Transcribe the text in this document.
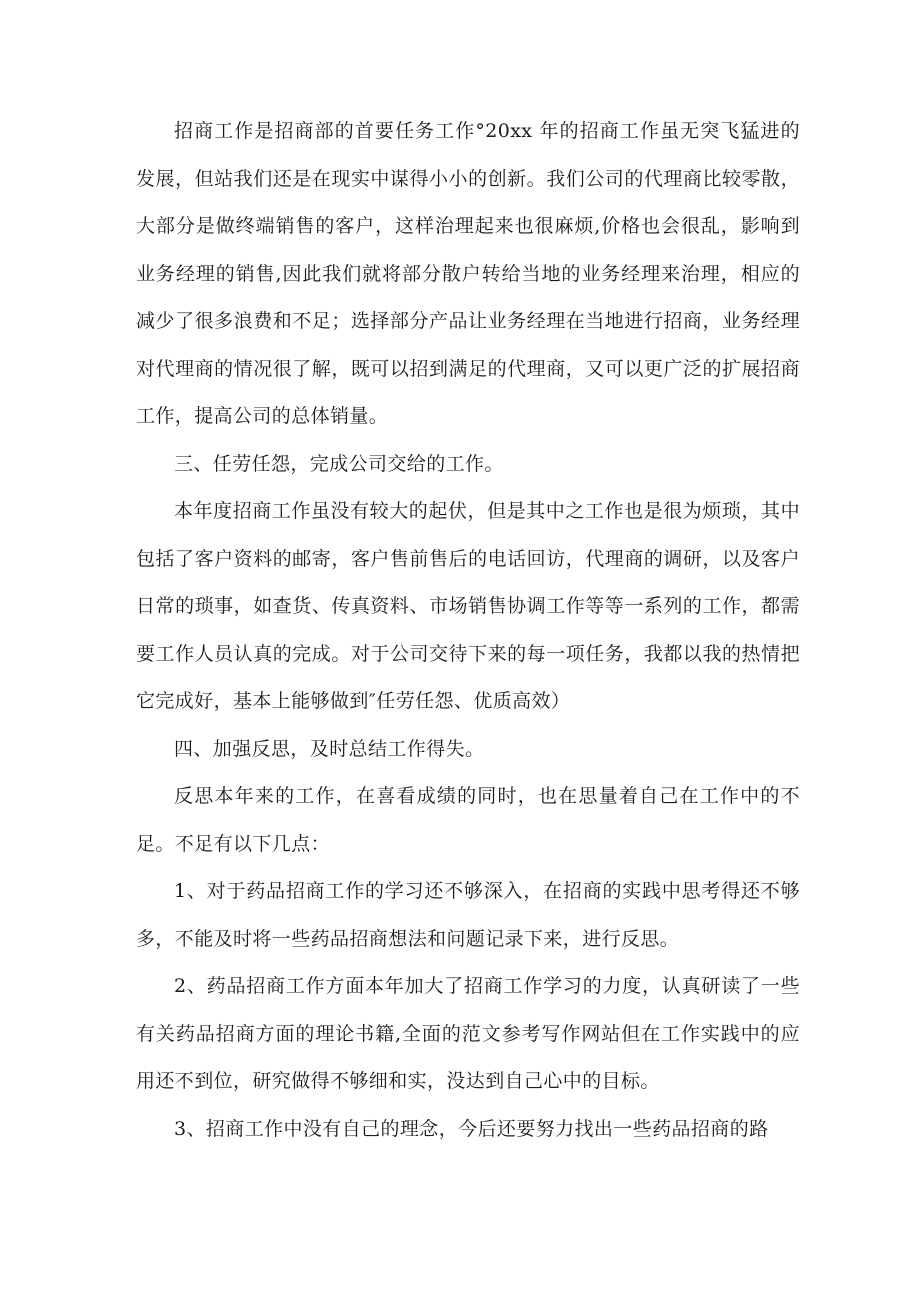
招商工作是招商部的首要任务工作°20xx 年的招商工作虽无突飞猛进的发展，但站我们还是在现实中谋得小小的创新。我们公司的代理商比较零散，大部分是做终端销售的客户，这样治理起来也很麻烦,价格也会很乱，影响到业务经理的销售,因此我们就将部分散户转给当地的业务经理来治理，相应的减少了很多浪费和不足；选择部分产品让业务经理在当地进行招商，业务经理对代理商的情况很了解，既可以招到满足的代理商，又可以更广泛的扩展招商工作，提高公司的总体销量。

三、任劳任怨，完成公司交给的工作。

本年度招商工作虽没有较大的起伏，但是其中之工作也是很为烦琐，其中包括了客户资料的邮寄，客户售前售后的电话回访，代理商的调研，以及客户日常的琐事，如查货、传真资料、市场销售协调工作等等一系列的工作，都需要工作人员认真的完成。对于公司交待下来的每一项任务，我都以我的热情把它完成好，基本上能够做到″任劳任怨、优质高效）

四、加强反思，及时总结工作得失。

反思本年来的工作，在喜看成绩的同时，也在思量着自己在工作中的不足。不足有以下几点：

1、对于药品招商工作的学习还不够深入，在招商的实践中思考得还不够多，不能及时将一些药品招商想法和问题记录下来，进行反思。

2、药品招商工作方面本年加大了招商工作学习的力度，认真研读了一些有关药品招商方面的理论书籍,全面的范文参考写作网站但在工作实践中的应用还不到位，研究做得不够细和实，没达到自己心中的目标。

3、招商工作中没有自己的理念，今后还要努力找出一些药品招商的路
